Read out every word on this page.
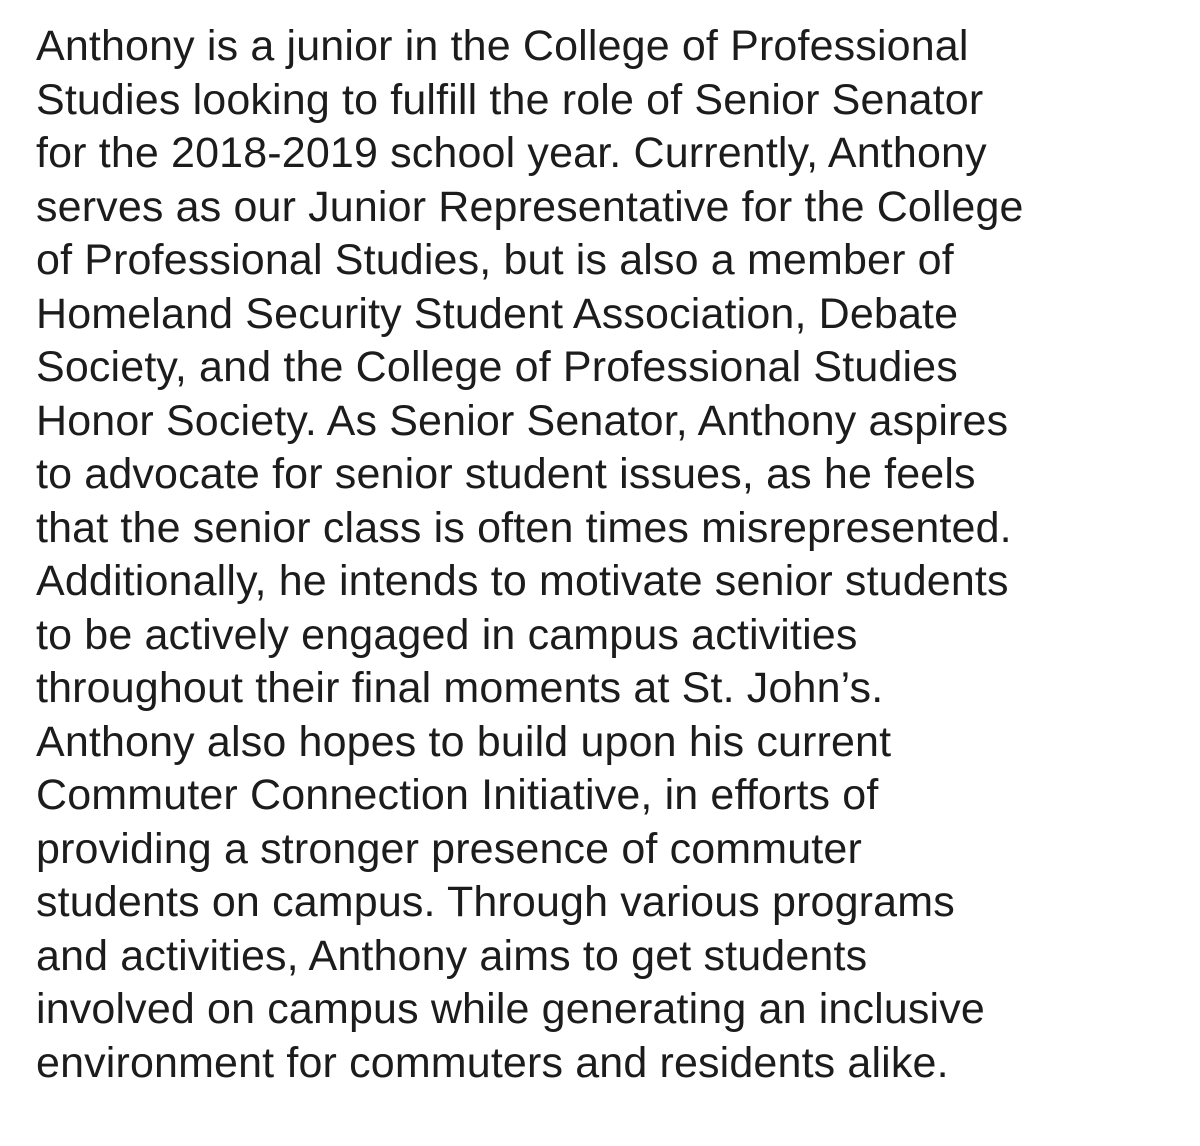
Anthony is a junior in the College of Professional
Studies looking to fulfill the role of Senior Senator
for the 2018-2019 school year. Currently, Anthony
serves as our Junior Representative for the College
of Professional Studies, but is also a member of
Homeland Security Student Association, Debate
Society, and the College of Professional Studies
Honor Society. As Senior Senator, Anthony aspires
to advocate for senior student issues, as he feels
that the senior class is often times misrepresented.
Additionally, he intends to motivate senior students
to be actively engaged in campus activities
throughout their final moments at St. John’s.
Anthony also hopes to build upon his current
Commuter Connection Initiative, in efforts of
providing a stronger presence of commuter
students on campus. Through various programs
and activities, Anthony aims to get students
involved on campus while generating an inclusive
environment for commuters and residents alike.
